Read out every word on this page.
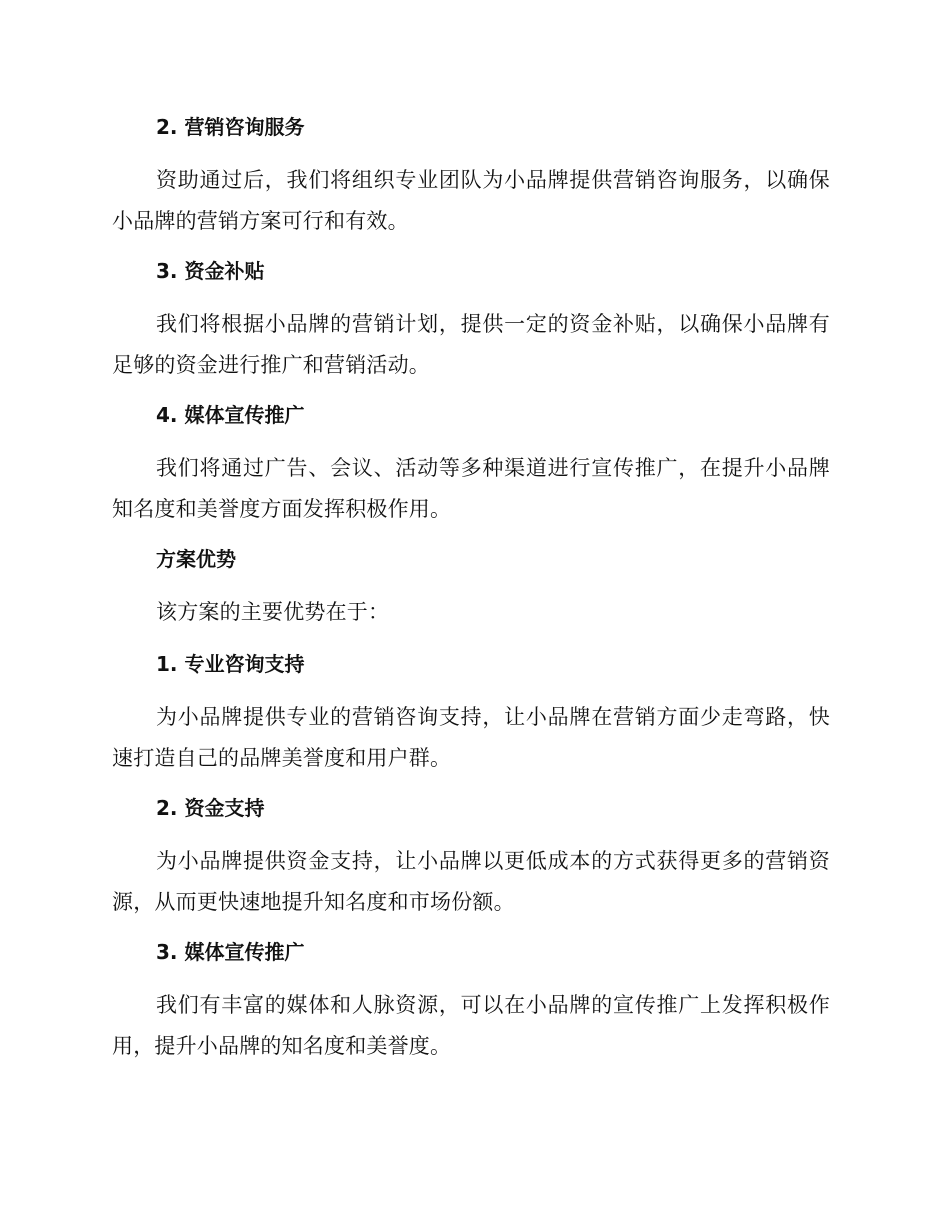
2. 营销咨询服务

资助通过后，我们将组织专业团队为小品牌提供营销咨询服务，以确保小品牌的营销方案可行和有效。

3. 资金补贴

我们将根据小品牌的营销计划，提供一定的资金补贴，以确保小品牌有足够的资金进行推广和营销活动。

4. 媒体宣传推广

我们将通过广告、会议、活动等多种渠道进行宣传推广，在提升小品牌知名度和美誉度方面发挥积极作用。

方案优势

该方案的主要优势在于：

1. 专业咨询支持

为小品牌提供专业的营销咨询支持，让小品牌在营销方面少走弯路，快速打造自己的品牌美誉度和用户群。

2. 资金支持

为小品牌提供资金支持，让小品牌以更低成本的方式获得更多的营销资源，从而更快速地提升知名度和市场份额。

3. 媒体宣传推广

我们有丰富的媒体和人脉资源，可以在小品牌的宣传推广上发挥积极作用，提升小品牌的知名度和美誉度。
